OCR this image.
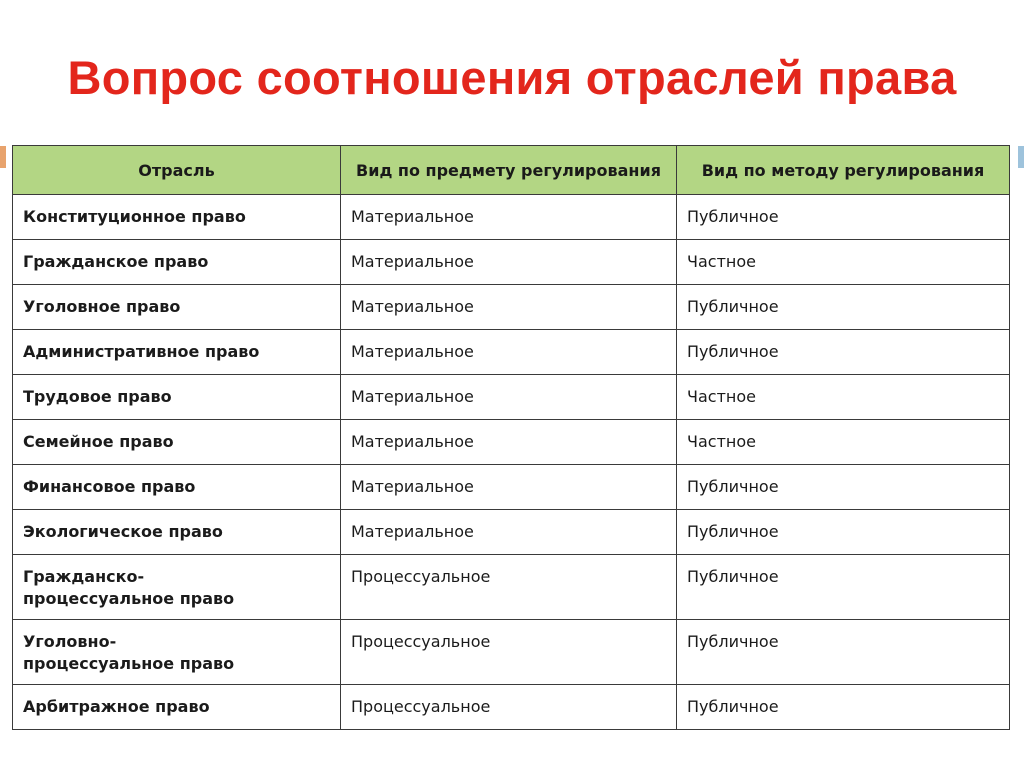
Вопрос соотношения отраслей права
Отрасль	Вид по предмету регулирования	Вид по методу регулирования
Конституционное право	Материальное	Публичное
Гражданское право	Материальное	Частное
Уголовное право	Материальное	Публичное
Административное право	Материальное	Публичное
Трудовое право	Материальное	Частное
Семейное право	Материальное	Частное
Финансовое право	Материальное	Публичное
Экологическое право	Материальное	Публичное
Гражданско-
процессуальное право	Процессуальное	Публичное
Уголовно-
процессуальное право	Процессуальное	Публичное
Арбитражное право	Процессуальное	Публичное
